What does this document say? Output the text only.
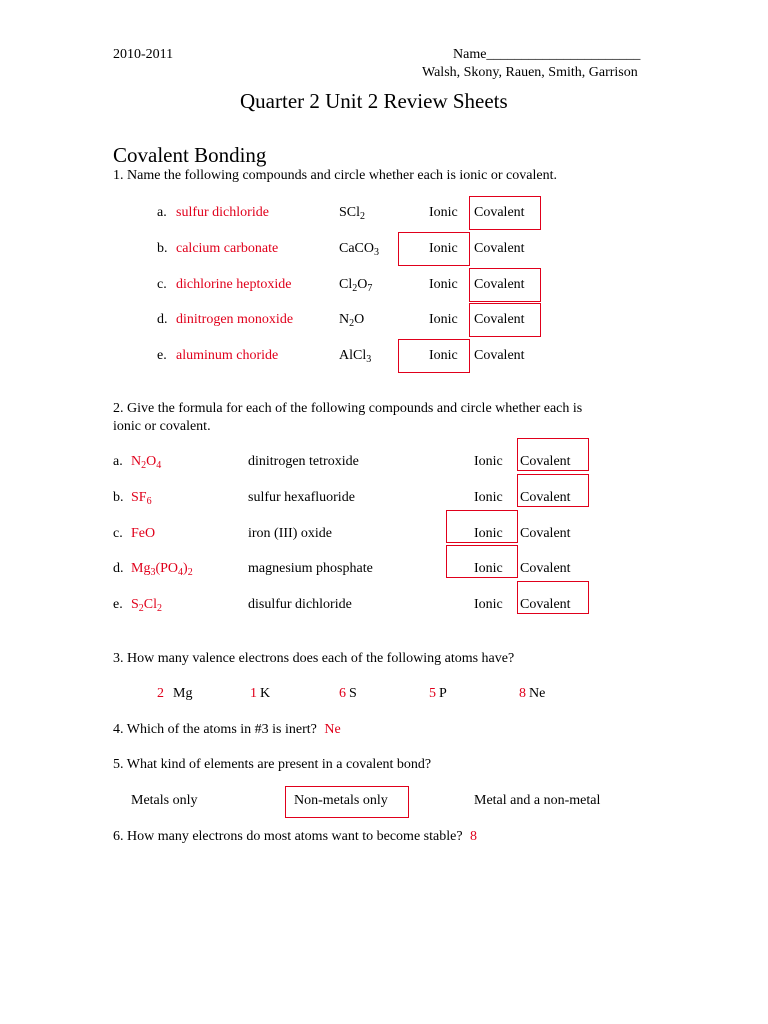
2010-2011	Name______________________
Walsh, Skony, Rauen, Smith, Garrison
Quarter 2 Unit 2 Review Sheets
Covalent Bonding
1. Name the following compounds and circle whether each is ionic or covalent.
a. sulfur dichloride	SCl$_2$	Ionic Covalent
b. calcium carbonate	CaCO$_3$	Ionic Covalent
c. dichlorine heptoxide	$Cl_2O_7$	Ionic Covalent
d. dinitrogen monoxide	$N_2O$	Ionic Covalent
e. aluminum choride	AlCl$_3$	Ionic Covalent
2. Give the formula for each of the following compounds and circle whether each is
ionic or covalent.
a. $N_2O_4$	dinitrogen tetroxide	Ionic Covalent
b. $SF_6$	sulfur hexafluoride	Ionic Covalent
c. FeO	iron (III) oxide	Ionic Covalent
d. $Mg_3(PO_4)_2$	magnesium phosphate	Ionic Covalent
e. $S_2Cl_2$	disulfur dichloride	Ionic Covalent
3. How many valence electrons does each of the following atoms have?
2 Mg	1 K	6 S	5 P	8 Ne
4. Which of the atoms in #3 is inert? Ne
5. What kind of elements are present in a covalent bond?
Metals only	Non-metals only	Metal and a non-metal
6. How many electrons do most atoms want to become stable? 8
